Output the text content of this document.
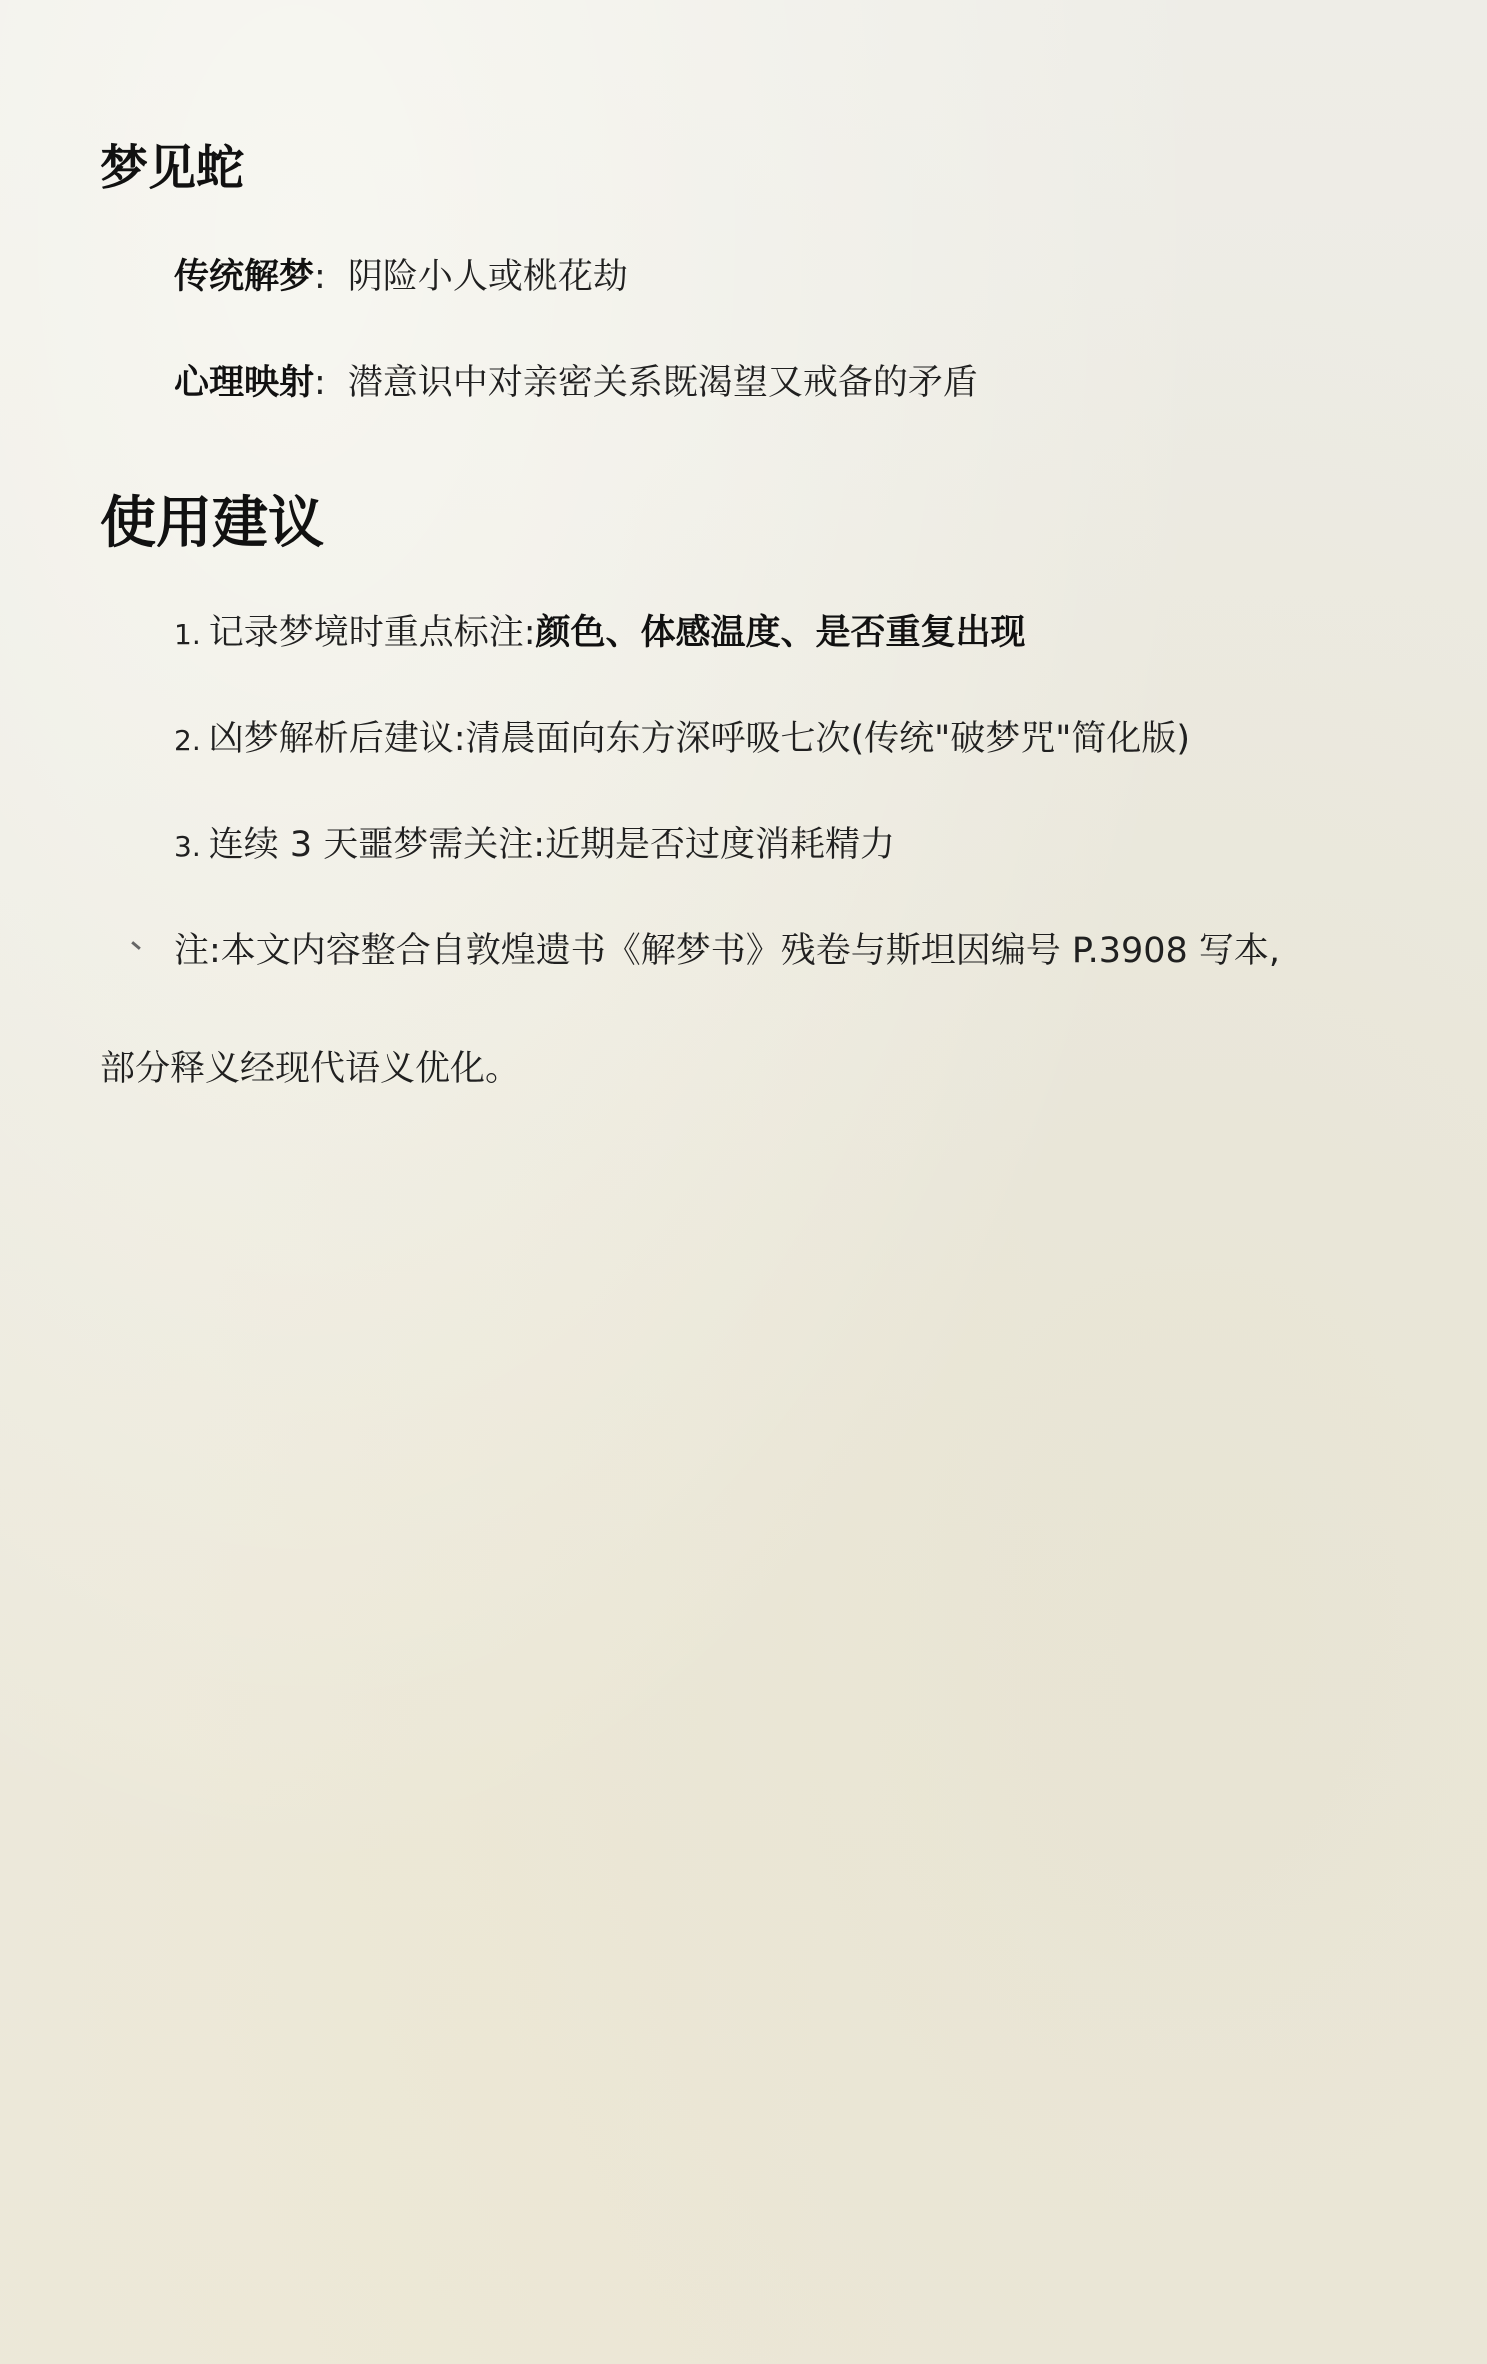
梦见蛇
传统解梦: 阴险小人或桃花劫
心理映射: 潜意识中对亲密关系既渴望又戒备的矛盾
使用建议
1. 记录梦境时重点标注:颜色、体感温度、是否重复出现
2. 凶梦解析后建议:清晨面向东方深呼吸七次(传统"破梦咒"简化版)
3. 连续 3 天噩梦需关注:近期是否过度消耗精力
注:本文内容整合自敦煌遗书《解梦书》残卷与斯坦因编号 P.3908 写本,
部分释义经现代语义优化。
